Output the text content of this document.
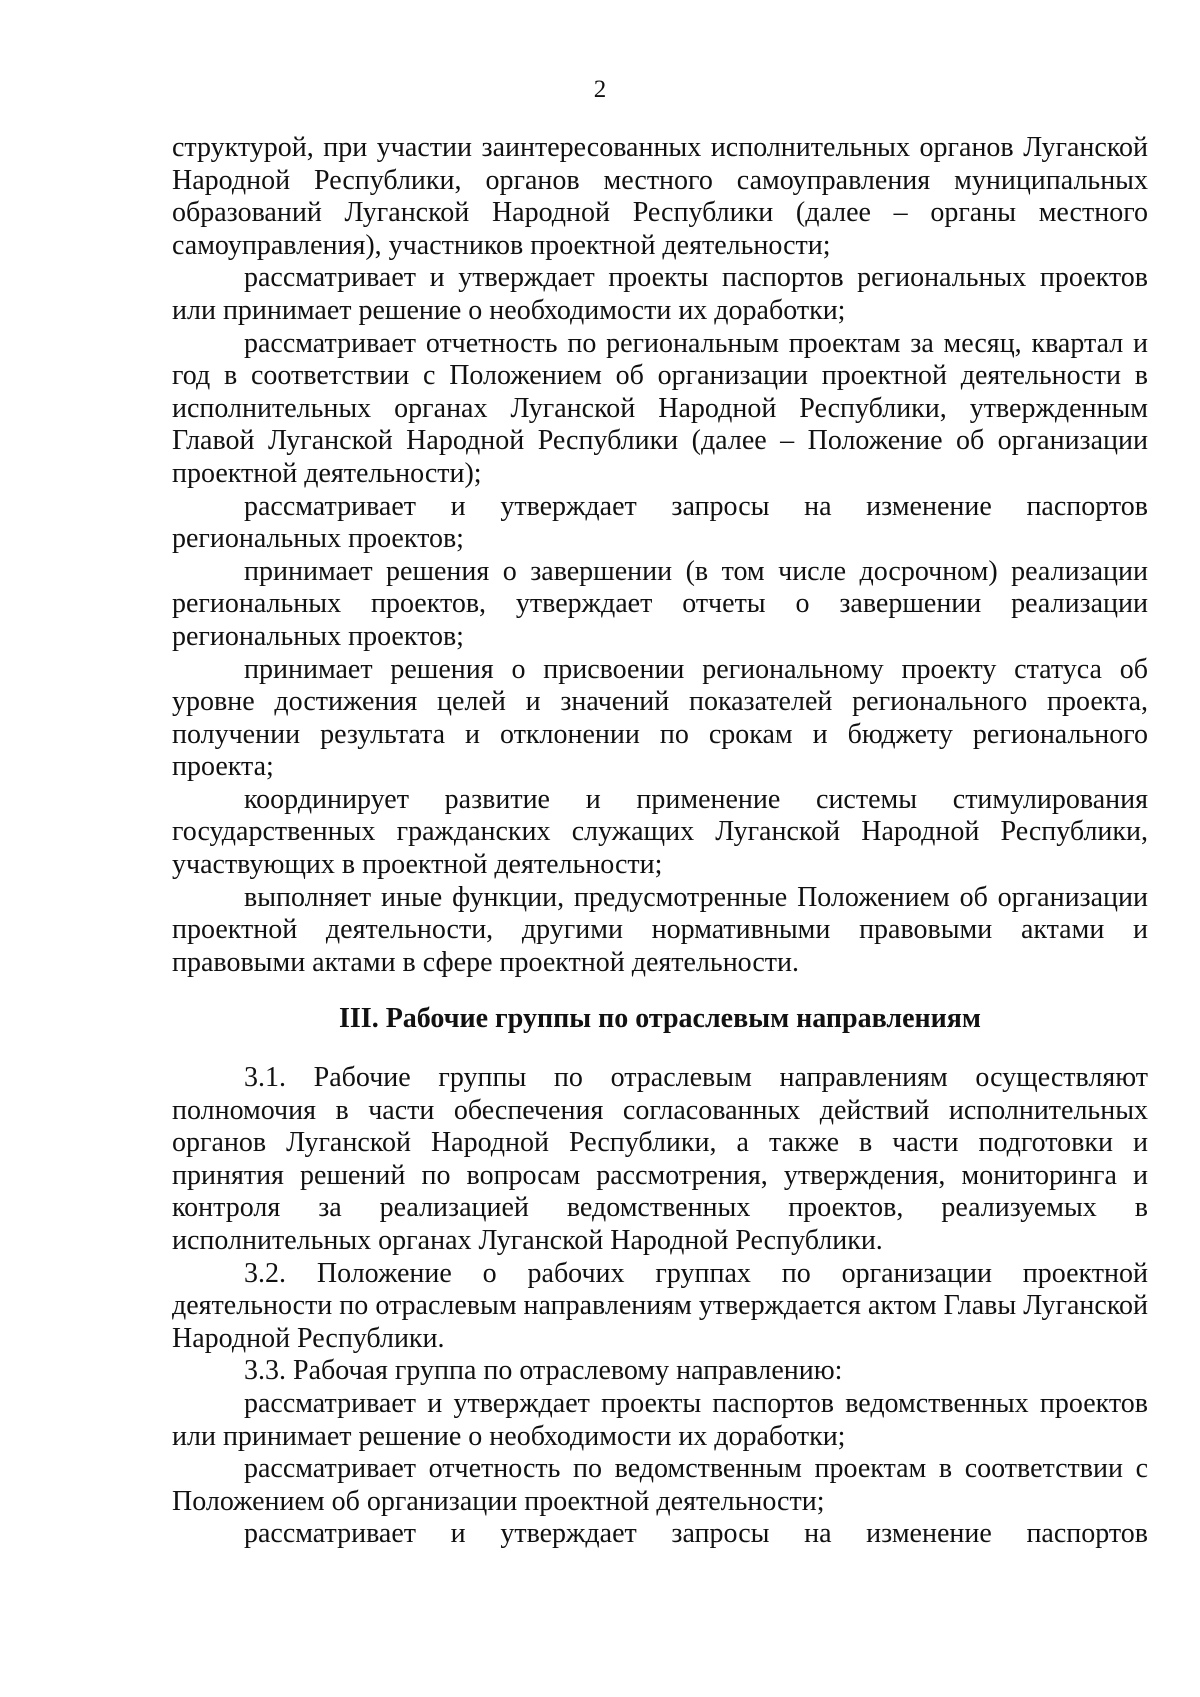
2

структурой, при участии заинтересованных исполнительных органов Луганской Народной Республики, органов местного самоуправления муниципальных образований Луганской Народной Республики (далее – органы местного самоуправления), участников проектной деятельности;

рассматривает и утверждает проекты паспортов региональных проектов или принимает решение о необходимости их доработки;

рассматривает отчетность по региональным проектам за месяц, квартал и год в соответствии с Положением об организации проектной деятельности в исполнительных органах Луганской Народной Республики, утвержденным Главой Луганской Народной Республики (далее – Положение об организации проектной деятельности);

рассматривает и утверждает запросы на изменение паспортов региональных проектов;

принимает решения о завершении (в том числе досрочном) реализации региональных проектов, утверждает отчеты о завершении реализации региональных проектов;

принимает решения о присвоении региональному проекту статуса об уровне достижения целей и значений показателей регионального проекта, получении результата и отклонении по срокам и бюджету регионального проекта;

координирует развитие и применение системы стимулирования государственных гражданских служащих Луганской Народной Республики, участвующих в проектной деятельности;

выполняет иные функции, предусмотренные Положением об организации проектной деятельности, другими нормативными правовыми актами и правовыми актами в сфере проектной деятельности.

III. Рабочие группы по отраслевым направлениям

3.1. Рабочие группы по отраслевым направлениям осуществляют полномочия в части обеспечения согласованных действий исполнительных органов Луганской Народной Республики, а также в части подготовки и принятия решений по вопросам рассмотрения, утверждения, мониторинга и контроля за реализацией ведомственных проектов, реализуемых в исполнительных органах Луганской Народной Республики.

3.2. Положение о рабочих группах по организации проектной деятельности по отраслевым направлениям утверждается актом Главы Луганской Народной Республики.

3.3. Рабочая группа по отраслевому направлению:

рассматривает и утверждает проекты паспортов ведомственных проектов или принимает решение о необходимости их доработки;

рассматривает отчетность по ведомственным проектам в соответствии с Положением об организации проектной деятельности;

рассматривает и утверждает запросы на изменение паспортов
